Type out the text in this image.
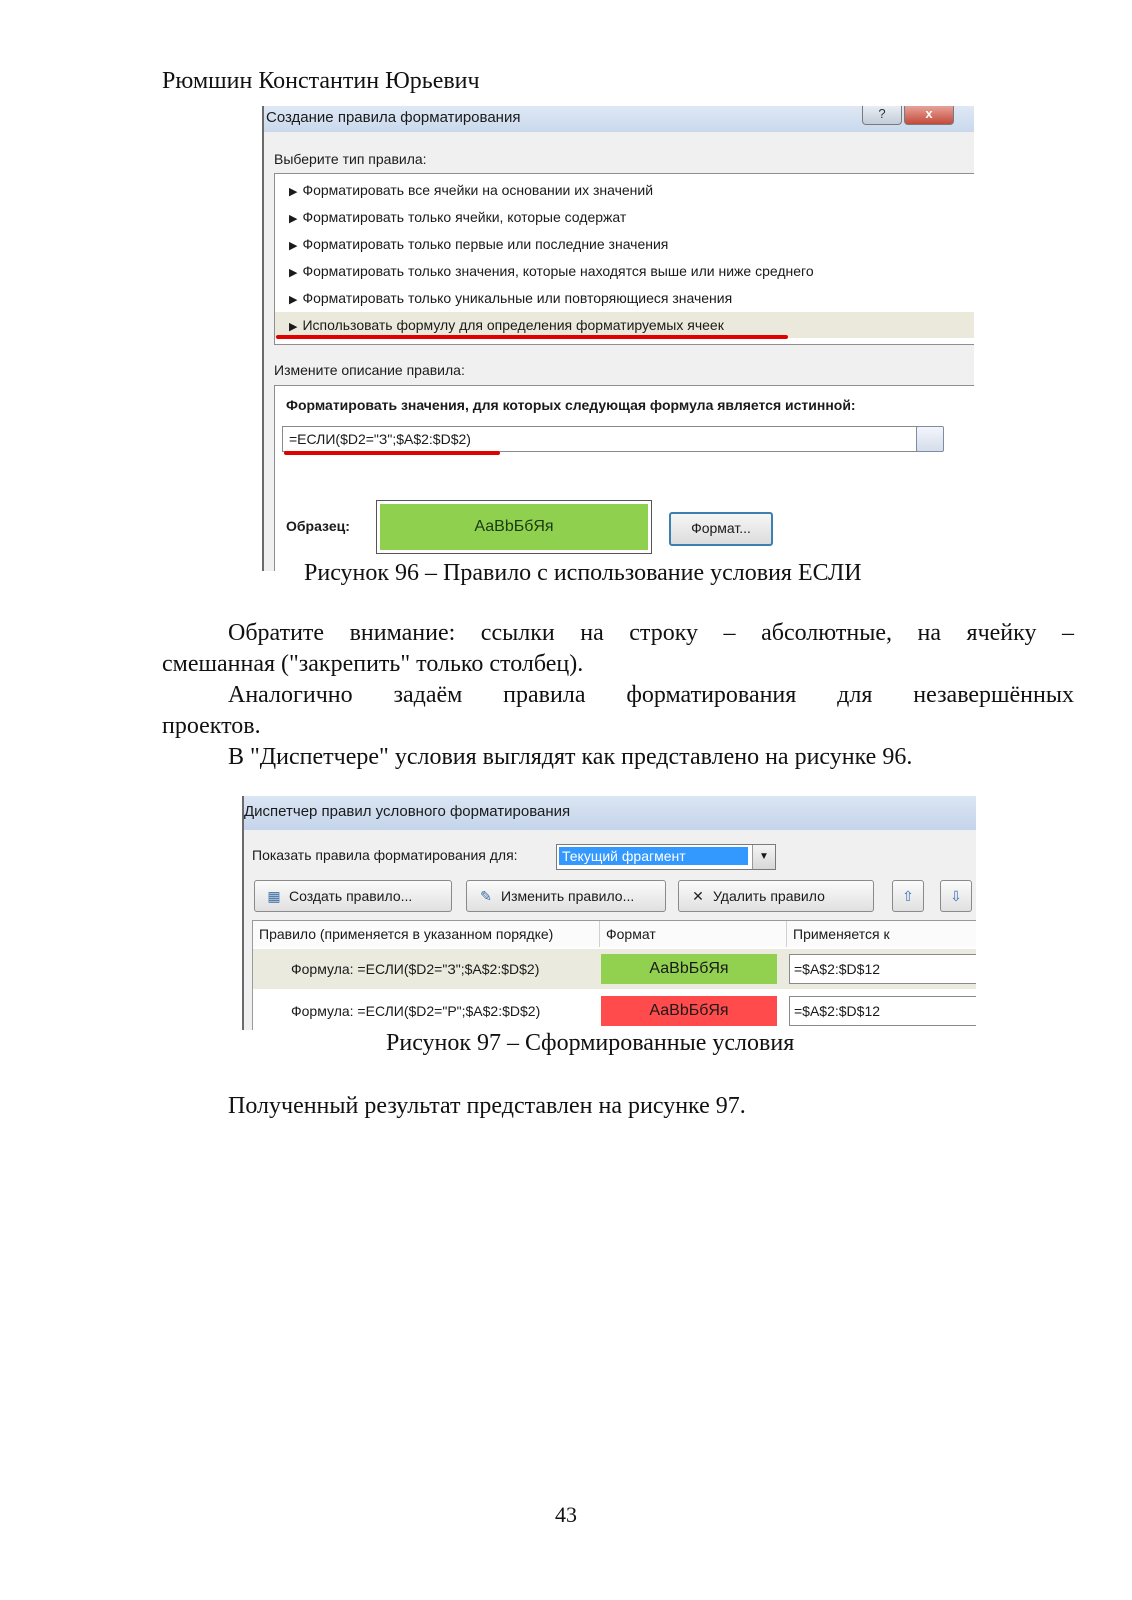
Рюмшин Константин Юрьевич
Создание правила форматирования	?	x
Выберите тип правила:
▶ Форматировать все ячейки на основании их значений
▶ Форматировать только ячейки, которые содержат
▶ Форматировать только первые или последние значения
▶ Форматировать только значения, которые находятся выше или ниже среднего
▶ Форматировать только уникальные или повторяющиеся значения
▶ Использовать формулу для определения форматируемых ячеек
Измените описание правила:
Форматировать значения, для которых следующая формула является истинной:
=ЕСЛИ($D2="З";$A$2:$D$2)
Образец:	АаBbБбЯя	Формат...
Рисунок 96 – Правило с использование условия ЕСЛИ
Обратите внимание: ссылки на строку – абсолютные, на ячейку –
смешанная ("закрепить" только столбец).
Аналогично задаём правила форматирования для незавершённых
проектов.
В "Диспетчере" условия выглядят как представлено на рисунке 96.
Диспетчер правил условного форматирования
Показать правила форматирования для:	Текущий фрагмент	▼
▦ Создать правило...	✎ Изменить правило...	✕ Удалить правило	⇧	⇩
Правило (применяется в указанном порядке)	Формат	Применяется к
Формула: =ЕСЛИ($D2="З";$A$2:$D$2)	АаBbБбЯя	=$A$2:$D$12
Формула: =ЕСЛИ($D2="Р";$A$2:$D$2)	АаBbБбЯя	=$A$2:$D$12
Рисунок 97 – Сформированные условия
Полученный результат представлен на рисунке 97.
43
